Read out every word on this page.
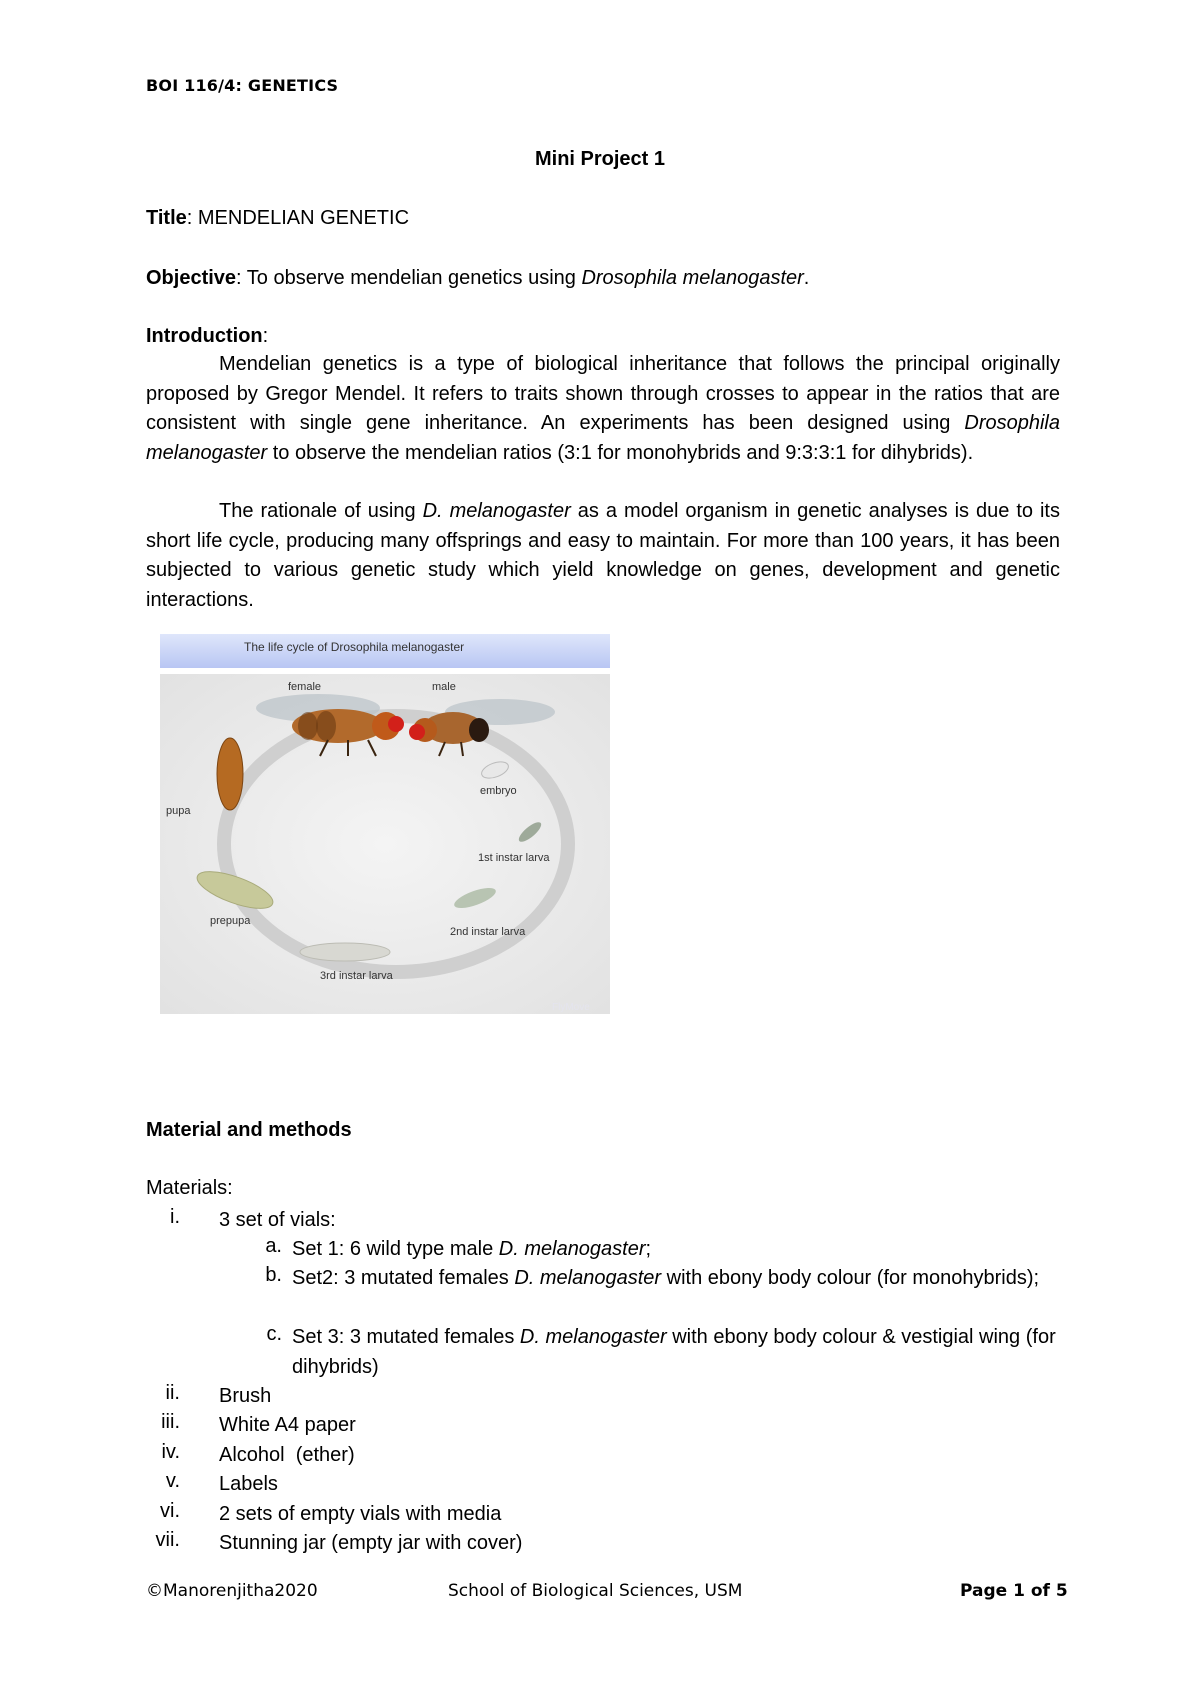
BOI 116/4: GENETICS
Mini Project 1
Title: MENDELIAN GENETIC
Objective: To observe mendelian genetics using Drosophila melanogaster.
Introduction:

Mendelian genetics is a type of biological inheritance that follows the principal originally proposed by Gregor Mendel. It refers to traits shown through crosses to appear in the ratios that are consistent with single gene inheritance. An experiments has been designed using Drosophila melanogaster to observe the mendelian ratios (3:1 for monohybrids and 9:3:3:1 for dihybrids).

The rationale of using D. melanogaster as a model organism in genetic analyses is due to its short life cycle, producing many offsprings and easy to maintain. For more than 100 years, it has been subjected to various genetic study which yield knowledge on genes, development and genetic interactions.

The life cycle of Drosophila melanogaster
female	male
embryo
1st instar larva
2nd instar larva
3rd instar larva
prepupa
pupa
FlyMove
Material and methods
Materials:
i. 3 set of vials:
a. Set 1: 6 wild type male D. melanogaster;
b. Set2: 3 mutated females D. melanogaster with ebony body colour (for monohybrids);
c. Set 3: 3 mutated females D. melanogaster with ebony body colour & vestigial wing (for dihybrids)
ii. Brush
iii. White A4 paper
iv. Alcohol  (ether)
v. Labels
vi. 2 sets of empty vials with media
vii. Stunning jar (empty jar with cover)
©Manorenjitha2020	School of Biological Sciences, USM	Page 1 of 5
